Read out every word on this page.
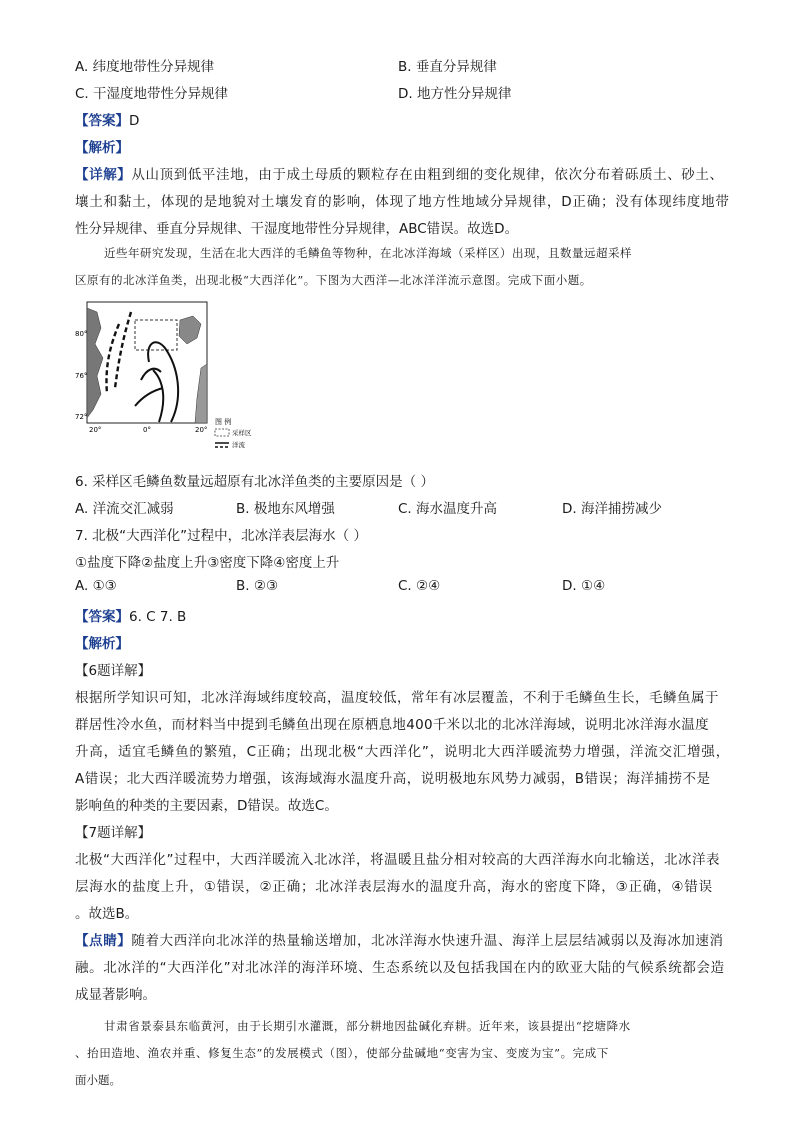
A. 纬度地带性分异规律	B. 垂直分异规律
C. 干湿度地带性分异规律	D. 地方性分异规律
【答案】D
【解析】
【详解】从山顶到低平洼地，由于成土母质的颗粒存在由粗到细的变化规律，依次分布着砾质土、砂土、
壤土和黏土，体现的是地貌对土壤发育的影响，体现了地方性地域分异规律，D正确；没有体现纬度地带
性分异规律、垂直分异规律、干湿度地带性分异规律，ABC错误。故选D。
近些年研究发现，生活在北大西洋的毛鳞鱼等物种，在北冰洋海域（采样区）出现，且数量远超采样
区原有的北冰洋鱼类，出现北极“大西洋化”。下图为大西洋—北冰洋洋流示意图。完成下面小题。
图 例
采样区
洋流
80°
76°
72°
20°	0°	20°
6. 采样区毛鳞鱼数量远超原有北冰洋鱼类的主要原因是（ ）
A. 洋流交汇减弱	B. 极地东风增强	C. 海水温度升高	D. 海洋捕捞减少
7. 北极“大西洋化”过程中，北冰洋表层海水（ ）
①盐度下降②盐度上升③密度下降④密度上升
A. ①③	B. ②③	C. ②④	D. ①④
【答案】6. C 7. B
【解析】
【6题详解】
根据所学知识可知，北冰洋海域纬度较高，温度较低，常年有冰层覆盖，不利于毛鳞鱼生长，毛鳞鱼属于
群居性冷水鱼，而材料当中提到毛鳞鱼出现在原栖息地400千米以北的北冰洋海域，说明北冰洋海水温度
升高，适宜毛鳞鱼的繁殖，C正确；出现北极“大西洋化”，说明北大西洋暖流势力增强，洋流交汇增强，
A错误；北大西洋暖流势力增强，该海域海水温度升高，说明极地东风势力减弱，B错误；海洋捕捞不是
影响鱼的种类的主要因素，D错误。故选C。
【7题详解】
北极“大西洋化”过程中，大西洋暖流入北冰洋，将温暖且盐分相对较高的大西洋海水向北输送，北冰洋表
层海水的盐度上升，①错误，②正确；北冰洋表层海水的温度升高，海水的密度下降，③正确，④错误
。故选B。
【点睛】随着大西洋向北冰洋的热量输送增加，北冰洋海水快速升温、海洋上层层结减弱以及海冰加速消
融。北冰洋的“大西洋化”对北冰洋的海洋环境、生态系统以及包括我国在内的欧亚大陆的气候系统都会造
成显著影响。
甘肃省景泰县东临黄河，由于长期引水灌溉，部分耕地因盐碱化弃耕。近年来，该县提出“挖塘降水
、抬田造地、渔农并重、修复生态”的发展模式（图），使部分盐碱地“变害为宝、变废为宝”。完成下
面小题。
